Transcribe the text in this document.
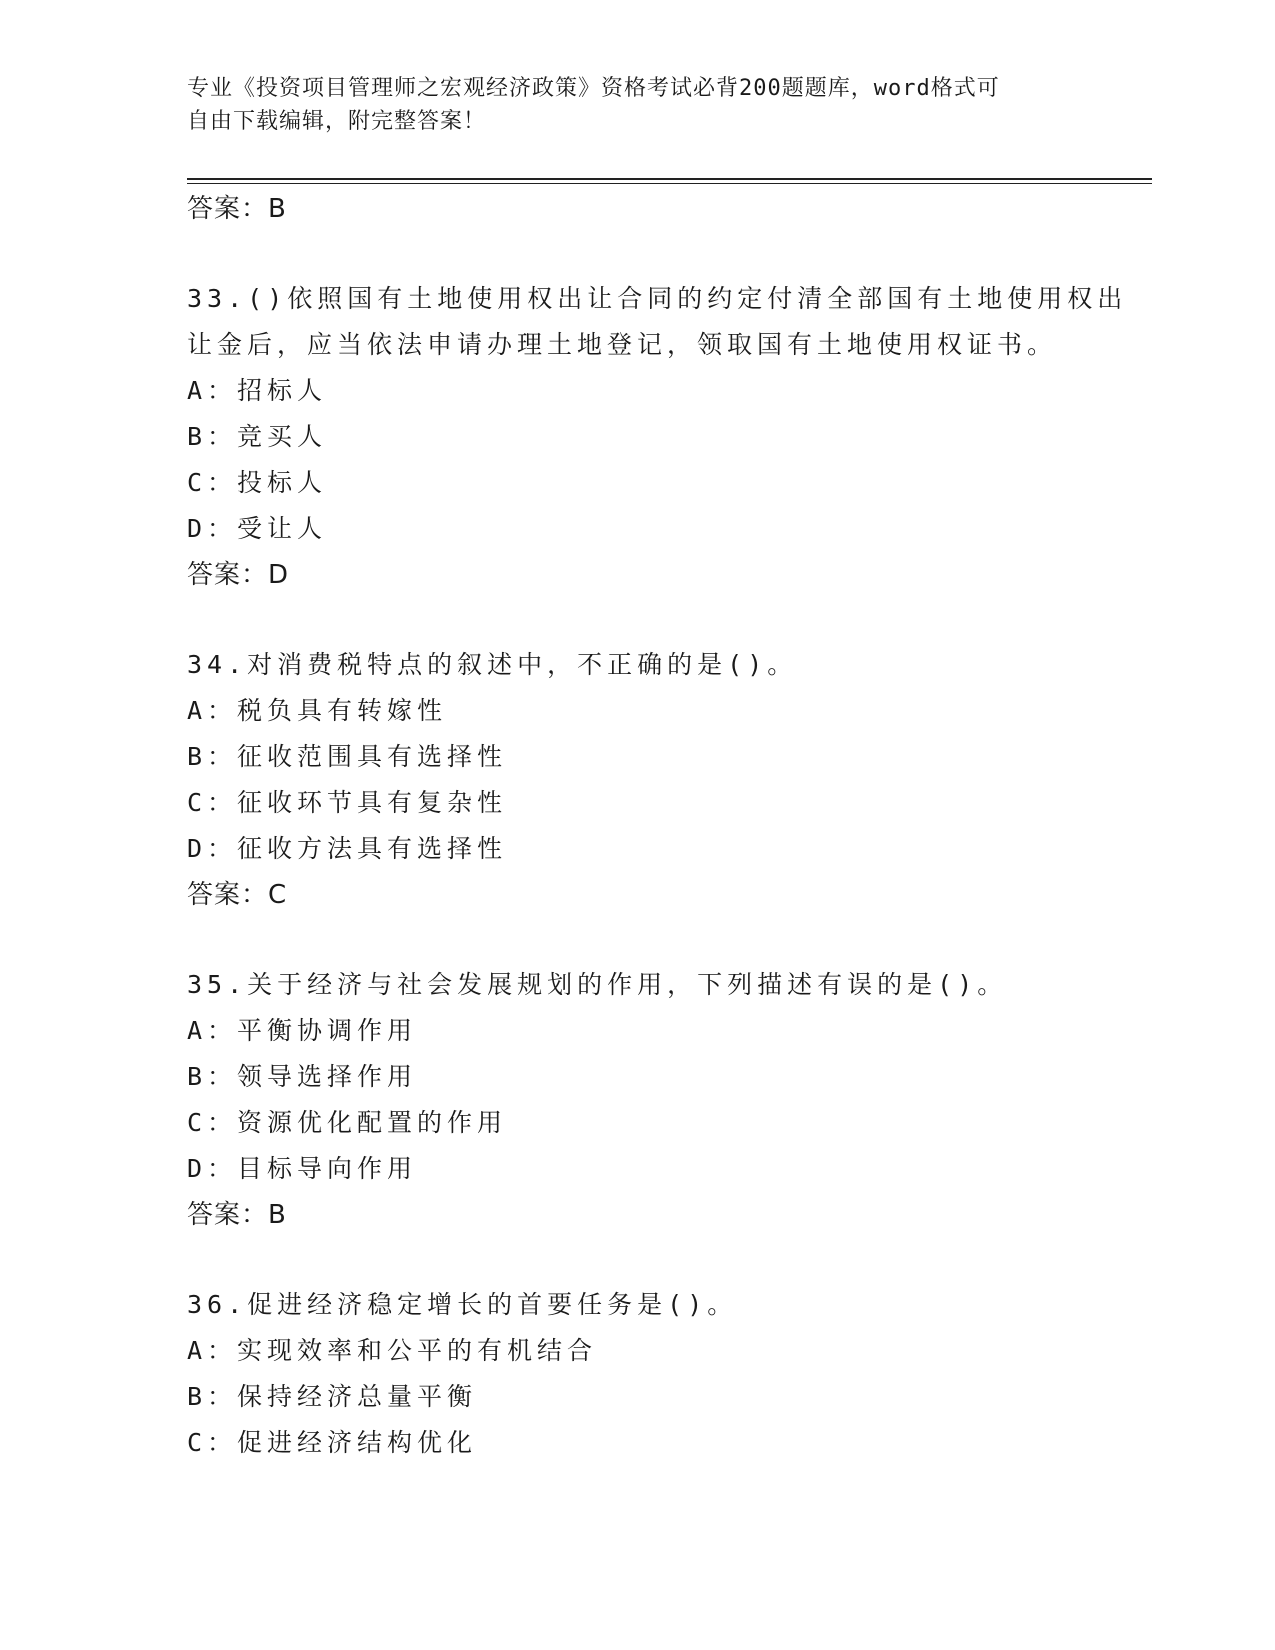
专业《投资项目管理师之宏观经济政策》资格考试必背200题题库，word格式可
自由下载编辑，附完整答案！
答案：B
33.()依照国有土地使用权出让合同的约定付清全部国有土地使用权出
让金后，应当依法申请办理土地登记，领取国有土地使用权证书。
A：招标人
B：竞买人
C：投标人
D：受让人
答案：D
34.对消费税特点的叙述中，不正确的是()。
A：税负具有转嫁性
B：征收范围具有选择性
C：征收环节具有复杂性
D：征收方法具有选择性
答案：C
35.关于经济与社会发展规划的作用，下列描述有误的是()。
A：平衡协调作用
B：领导选择作用
C：资源优化配置的作用
D：目标导向作用
答案：B
36.促进经济稳定增长的首要任务是()。
A：实现效率和公平的有机结合
B：保持经济总量平衡
C：促进经济结构优化
